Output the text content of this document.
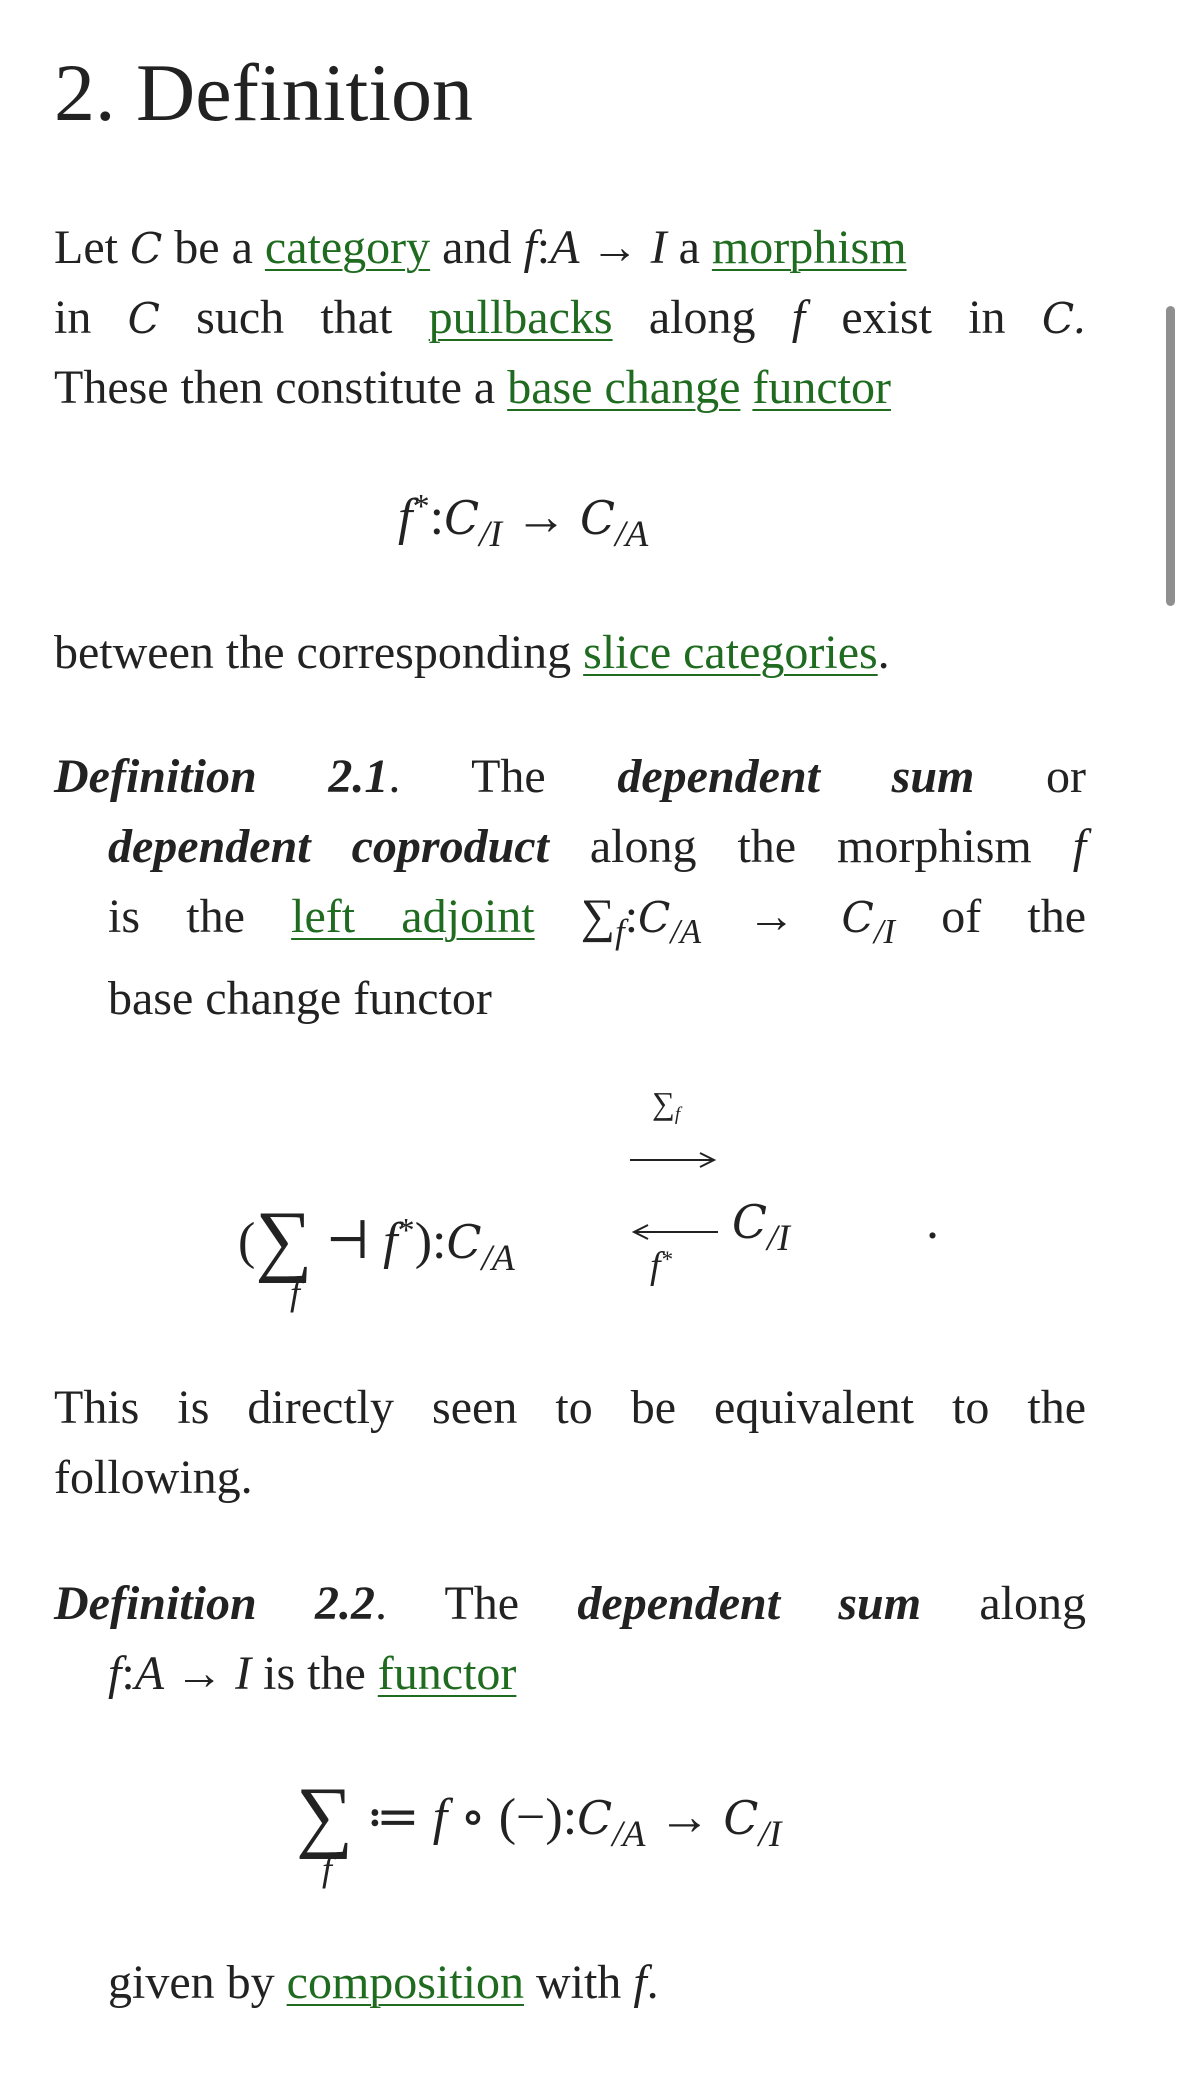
2. Definition
Let C be a category and f:A → I a morphism
in C such that pullbacks along f exist in C.
These then constitute a base change functor
$f^*:C_{/I} \to C_{/A}$
between the corresponding slice categories.
Definition 2.1. The dependent sum or
dependent coproduct along the morphism f
is the left adjoint $\sum_f:C_{/A} \to C_{/I}$ of the
base change functor
(∑ ⊣ $f^*):C_{/A}$
f
∑f
f*
$C_{/I}$	.
This is directly seen to be equivalent to the
following.
Definition 2.2. The dependent sum along
f:A → I is the functor
∑ ≔ f ∘ $(-):C_{/A} \to C_{/I}$
f
given by composition with f.
